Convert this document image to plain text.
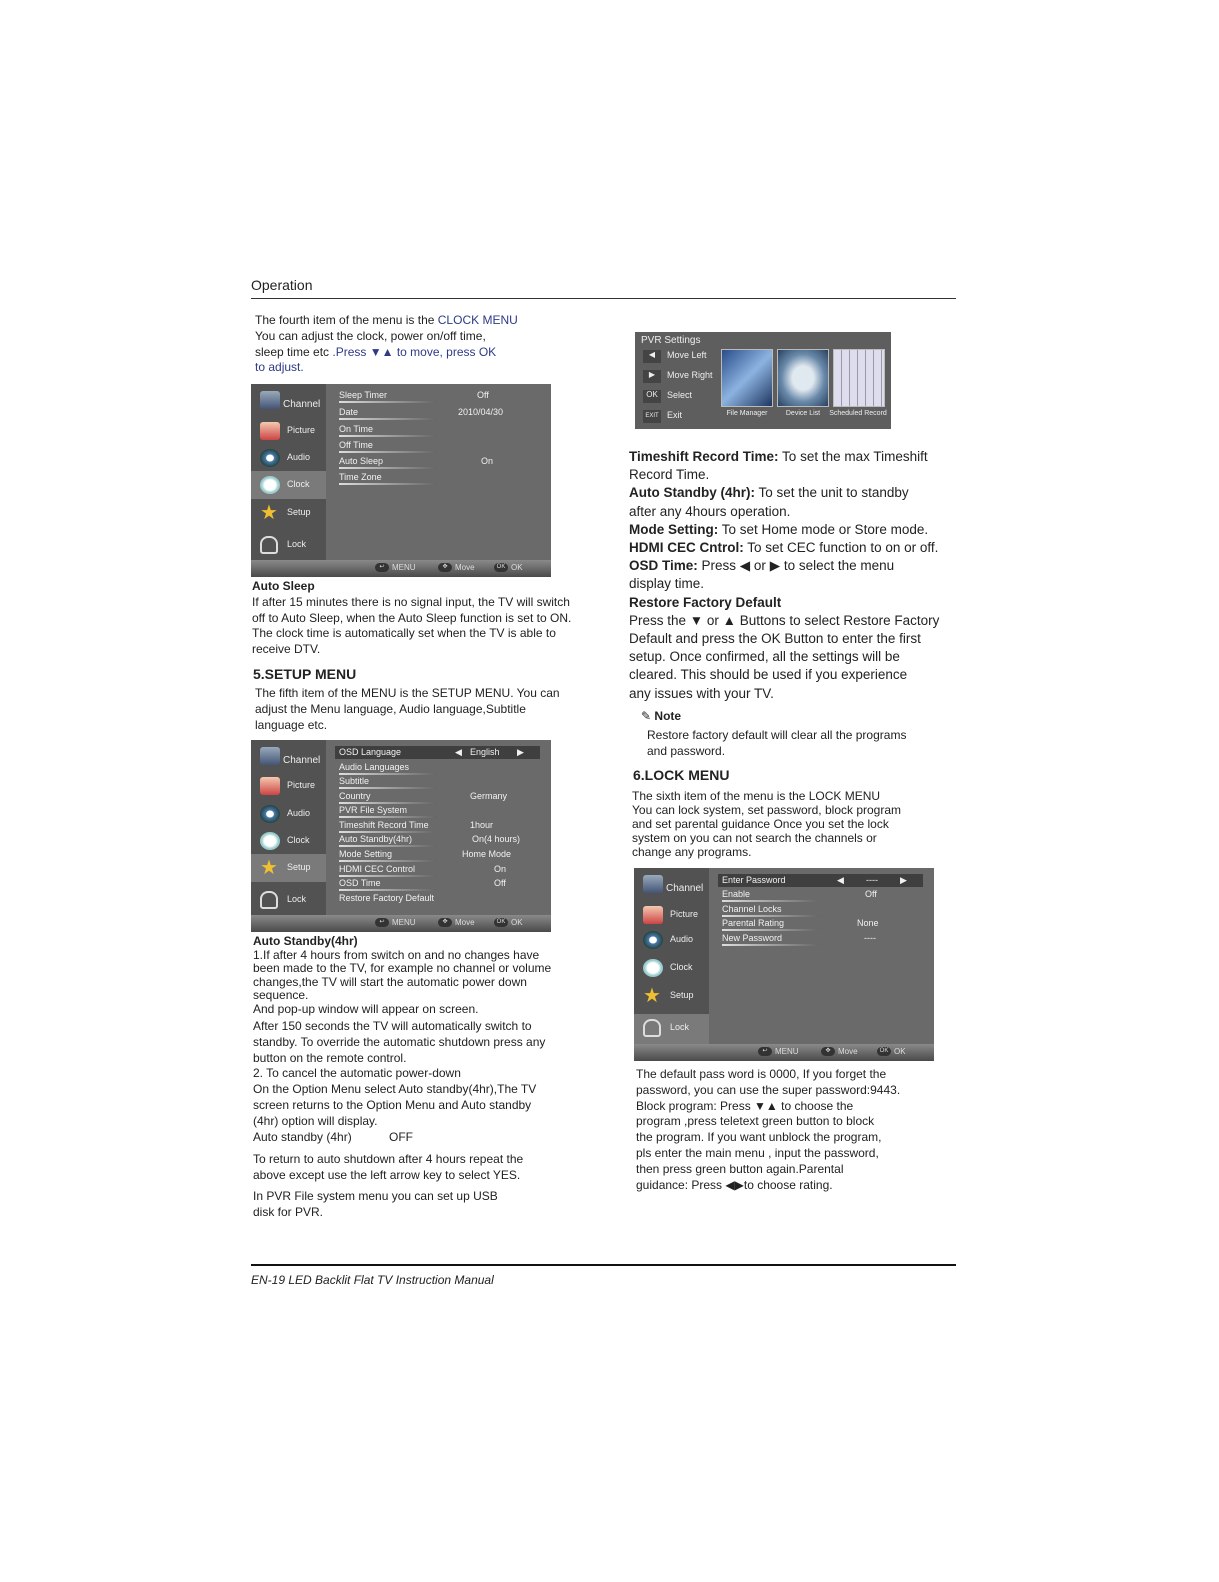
Operation
The fourth item of the menu is the CLOCK MENU
You can adjust the clock, power on/off time,
sleep time etc .Press ▼▲ to move, press OK
to adjust.
Channel
Picture
Audio
Clock
★ Setup
Lock
Sleep Timer	Off
Date	2010/04/30
On Time
Off Time
Auto Sleep	On
Time Zone
↩ MENU	✥ Move	OK OK
Auto Sleep
If after 15 minutes there is no signal input, the TV will switch
off to Auto Sleep, when the Auto Sleep function is set to ON.
The clock time is automatically set when the TV is able to
receive DTV.
5.SETUP MENU
The fifth item of the MENU is the SETUP MENU. You can
adjust the Menu language, Audio language,Subtitle
language etc.
Channel
Picture
Audio
Clock
★ Setup
Lock
OSD Language	◀ English ▶
Audio Languages
Subtitle
Country	Germany
PVR File System
Timeshift Record Time	1hour
Auto Standby(4hr)	On(4 hours)
Mode Setting	Home Mode
HDMI CEC Control	On
OSD Time	Off
Restore Factory Default
↩ MENU	✥ Move	OK OK
Auto Standby(4hr)
1.If after 4 hours from switch on and no changes have
been made to the TV, for example no channel or volume
changes,the TV will start the automatic power down
sequence.
And pop-up window will appear on screen.
After 150 seconds the TV will automatically switch to
standby. To override the automatic shutdown press any
button on the remote control.
2. To cancel the automatic power-down
On the Option Menu select Auto standby(4hr),The TV
screen returns to the Option Menu and Auto standby
(4hr) option will display.
Auto standby (4hr)	OFF
To return to auto shutdown after 4 hours repeat the
above except use the left arrow key to select YES.
In PVR File system menu you can set up USB
disk for PVR.
PVR Settings
◀ Move Left
▶ Move Right
OK Select
EXIT Exit	File Manager	Device List	Scheduled Record
Timeshift Record Time: To set the max Timeshift
Record Time.
Auto Standby (4hr): To set the unit to standby
after any 4hours operation.
Mode Setting: To set Home mode or Store mode.
HDMI CEC Cntrol: To set CEC function to on or off.
OSD Time: Press ◀ or ▶ to select the menu
display time.
Restore Factory Default
Press the ▼ or ▲ Buttons to select Restore Factory
Default and press the OK Button to enter the first
setup. Once confirmed, all the settings will be
cleared. This should be used if you experience
any issues with your TV.
✎ Note
Restore factory default will clear all the programs
and password.
6.LOCK MENU
The sixth item of the menu is the LOCK MENU
You can lock system, set password, block program
and set parental guidance Once you set the lock
system on you can not search the channels or
change any programs.
Channel
Picture
Audio
Clock
★ Setup
Lock
Enter Password	◀ ---- ▶
Enable	Off
Channel Locks
Parental Rating	None
New Password	----
↩ MENU	✥ Move	OK OK
The default pass word is 0000, If you forget the
password, you can use the super password:9443.
Block program: Press ▼▲ to choose the
program ,press teletext green button to block
the program. If you want unblock the program,
pls enter the main menu , input the password,
then press green button again.Parental
guidance: Press ◀▶to choose rating.
EN-19 LED Backlit Flat TV Instruction Manual
